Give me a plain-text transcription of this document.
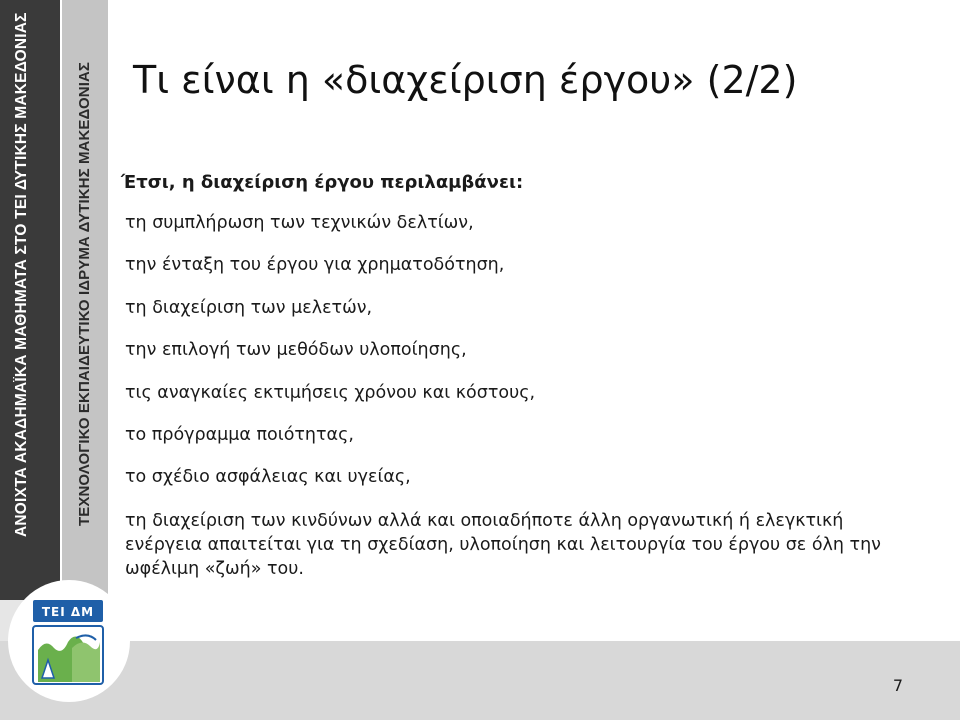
ΑΝΟΙΧΤΑ ΑΚΑΔΗΜΑΪΚΑ ΜΑΘΗΜΑΤΑ ΣΤΟ ΤΕΙ ΔΥΤΙΚΗΣ ΜΑΚΕΔΟΝΙΑΣ	ΤΕΧΝΟΛΟΓΙΚΟ ΕΚΠΑΙΔΕΥΤΙΚΟ ΙΔΡΥΜΑ ΔΥΤΙΚΗΣ ΜΑΚΕΔΟΝΙΑΣ
ΤΕΙ ΔΜ
Τι είναι η «διαχείριση έργου» (2/2)
Έτσι, η διαχείριση έργου περιλαμβάνει:
τη συμπλήρωση των τεχνικών δελτίων,
την ένταξη του έργου για χρηματοδότηση,
τη διαχείριση των μελετών,
την επιλογή των μεθόδων υλοποίησης,
τις αναγκαίες εκτιμήσεις χρόνου και κόστους,
το πρόγραμμα ποιότητας,
το σχέδιο ασφάλειας και υγείας,
τη διαχείριση των κινδύνων αλλά και οποιαδήποτε άλλη οργανωτική ή ελεγκτική ενέργεια απαιτείται για τη σχεδίαση, υλοποίηση και λειτουργία του έργου σε όλη την ωφέλιμη «ζωή» του.
7
